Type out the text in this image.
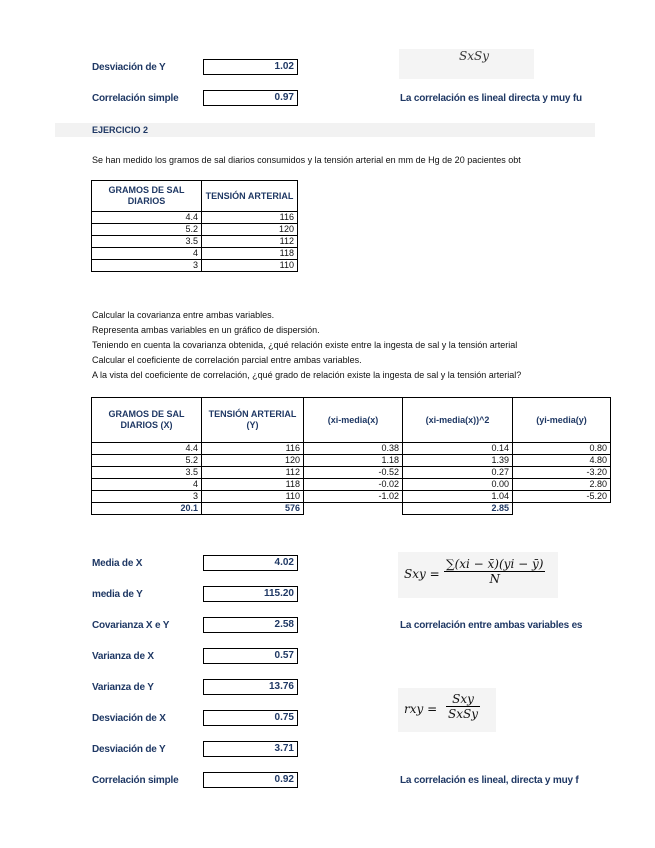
Desviación de Y	1.02
SxSy
Correlación simple	0.97	La correlación es lineal directa y muy fu
EJERCICIO 2
Se han medido los gramos de sal diarios consumidos y la tensión arterial en mm de Hg de 20 pacientes obt
GRAMOS DE SAL DIARIOS	TENSIÓN ARTERIAL
4.4	116
5.2	120
3.5	112
4	118
3	110
Calcular la covarianza entre ambas variables.
Representa ambas variables en un gráfico de dispersión.
Teniendo en cuenta la covarianza obtenida, ¿qué relación existe entre la ingesta de sal y la tensión arterial
Calcular el coeficiente de correlación parcial entre ambas variables.
A la vista del coeficiente de correlación, ¿qué grado de relación existe la ingesta de sal y la tensión arterial?
GRAMOS DE SAL DIARIOS (X)	TENSIÓN ARTERIAL (Y)	(xi-media(x)	(xi-media(x))^2	(yi-media(y)
4.4	116	0.38	0.14	0.80
5.2	120	1.18	1.39	4.80
3.5	112	-0.52	0.27	-3.20
4	118	-0.02	0.00	2.80
3	110	-1.02	1.04	-5.20
20.1	576		2.85	
Media de X	4.02
media de Y	115.20
Covarianza X e Y	2.58	La correlación entre ambas variables es
Varianza de X	0.57
Varianza de Y	13.76
Desviación de X	0.75
Desviación de Y	3.71
Correlación simple	0.92	La correlación es lineal, directa y muy f
Sxy = $\frac{\sum(xi - x̄)(yi - ȳ)}{N}$
rxy =
Sxy
SxSy
